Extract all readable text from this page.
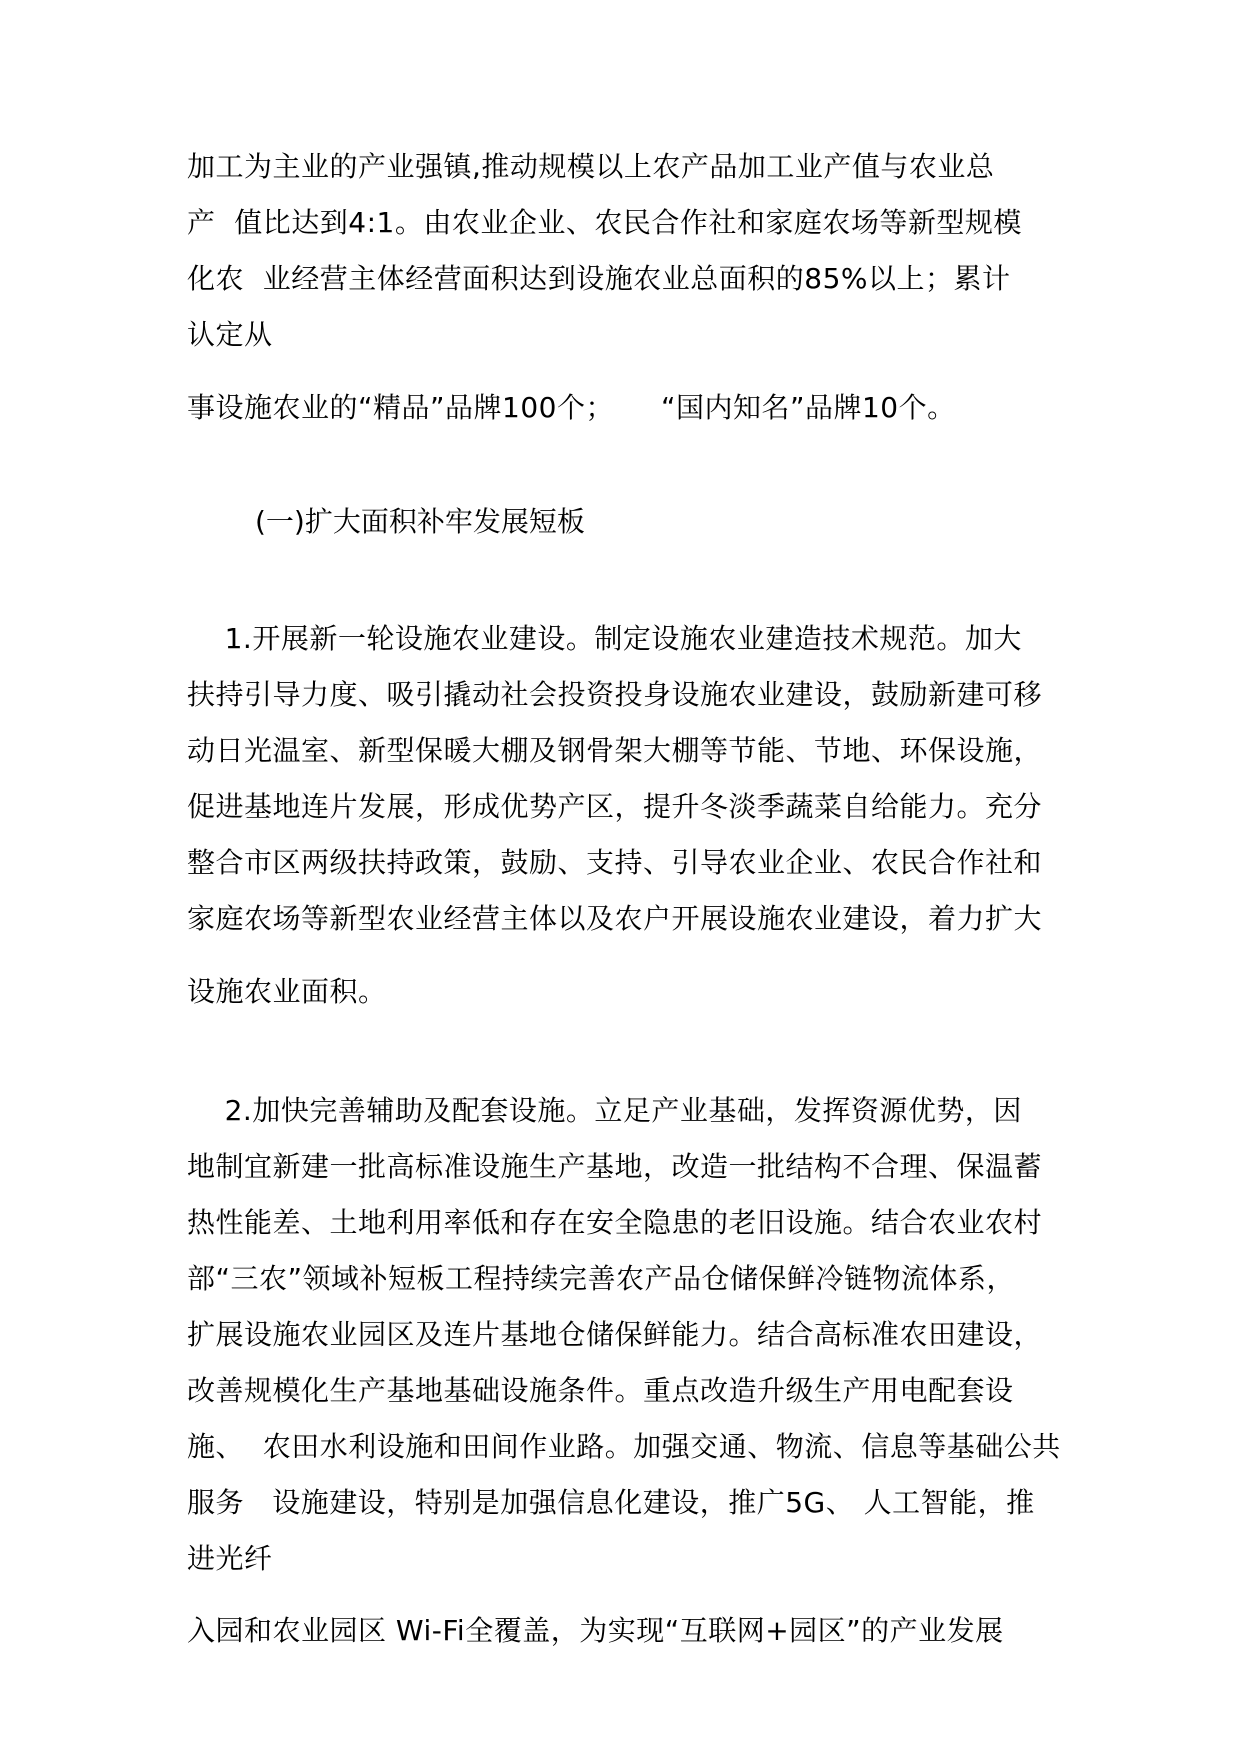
加工为主业的产业强镇,推动规模以上农产品加工业产值与农业总
产  值比达到4:1。由农业企业、农民合作社和家庭农场等新型规模
化农  业经营主体经营面积达到设施农业总面积的85%以上；累计
认定从
事设施农业的“精品”品牌100个；     “国内知名”品牌10个。
(一)扩大面积补牢发展短板
1.开展新一轮设施农业建设。制定设施农业建造技术规范。加大
扶持引导力度、吸引撬动社会投资投身设施农业建设，鼓励新建可移
动日光温室、新型保暖大棚及钢骨架大棚等节能、节地、环保设施，
促进基地连片发展，形成优势产区，提升冬淡季蔬菜自给能力。充分
整合市区两级扶持政策，鼓励、支持、引导农业企业、农民合作社和
家庭农场等新型农业经营主体以及农户开展设施农业建设，着力扩大
设施农业面积。
2.加快完善辅助及配套设施。立足产业基础，发挥资源优势，因
地制宜新建一批高标准设施生产基地，改造一批结构不合理、保温蓄
热性能差、土地利用率低和存在安全隐患的老旧设施。结合农业农村
部“三农”领域补短板工程持续完善农产品仓储保鲜冷链物流体系，
扩展设施农业园区及连片基地仓储保鲜能力。结合高标准农田建设，
改善规模化生产基地基础设施条件。重点改造升级生产用电配套设
施、  农田水利设施和田间作业路。加强交通、物流、信息等基础公共
服务   设施建设，特别是加强信息化建设，推广5G、 人工智能，推
进光纤
入园和农业园区 Wi-Fi全覆盖，为实现“互联网+园区”的产业发展
